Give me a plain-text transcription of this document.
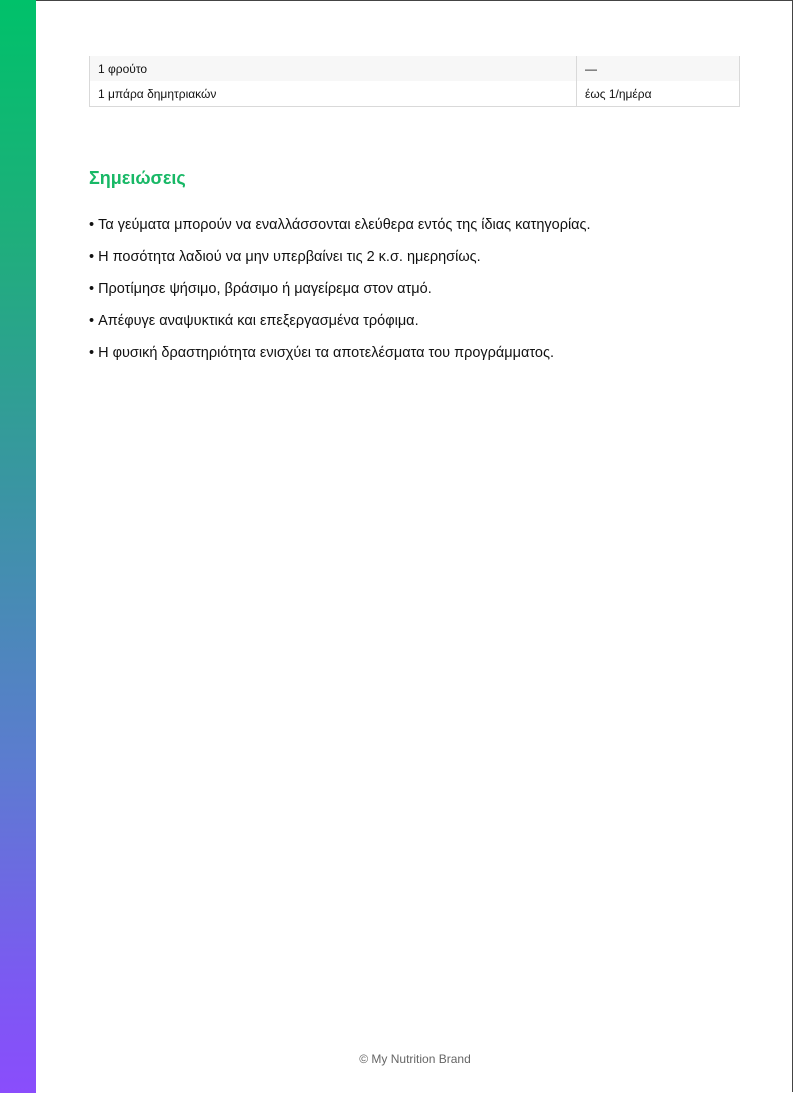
1 φρούτο	—
1 μπάρα δημητριακών	έως 1/ημέρα
Σημειώσεις
• Τα γεύματα μπορούν να εναλλάσσονται ελεύθερα εντός της ίδιας κατηγορίας.
• Η ποσότητα λαδιού να μην υπερβαίνει τις 2 κ.σ. ημερησίως.
• Προτίμησε ψήσιμο, βράσιμο ή μαγείρεμα στον ατμό.
• Απέφυγε αναψυκτικά και επεξεργασμένα τρόφιμα.
• Η φυσική δραστηριότητα ενισχύει τα αποτελέσματα του προγράμματος.
© My Nutrition Brand
